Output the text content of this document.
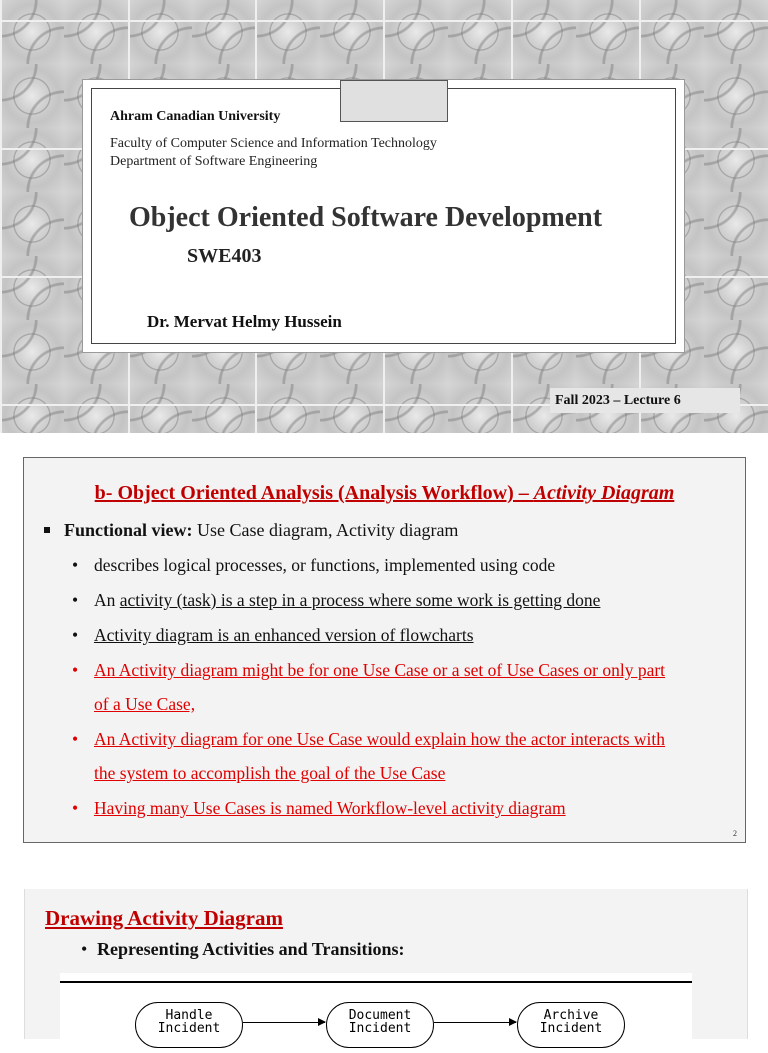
Ahram Canadian University
Faculty of Computer Science and Information Technology
Department of Software Engineering
Object Oriented Software Development
SWE403
Dr. Mervat Helmy Hussein
Fall 2023 – Lecture 6
b- Object Oriented Analysis (Analysis Workflow) – Activity Diagram
Functional view: Use Case diagram, Activity diagram
• describes logical processes, or functions, implemented using code
• An activity (task) is a step in a process where some work is getting done
• Activity diagram is an enhanced version of flowcharts
• An Activity diagram might be for one Use Case or a set of Use Cases or only part
of a Use Case,
• An Activity diagram for one Use Case would explain how the actor interacts with
the system to accomplish the goal of the Use Case
• Having many Use Cases is named Workflow-level activity diagram
2
Drawing Activity Diagram
• Representing Activities and Transitions:
Handle
Incident
Document
Incident
Archive
Incident
